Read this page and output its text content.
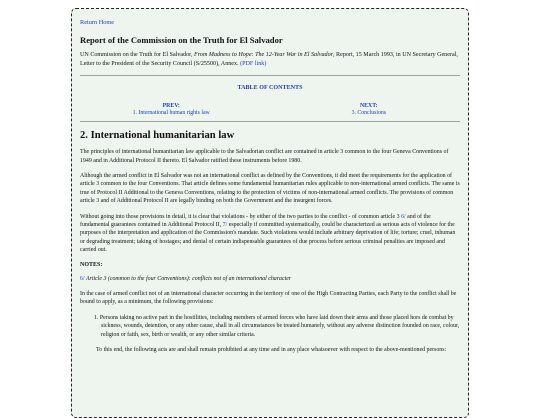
Return Home
Report of the Commission on the Truth for El Salvador
UN Commission on the Truth for El Salvador, From Madness to Hope: The 12-Year War in El Salvador, Report, 15 March 1993, in UN Secretary General, Letter to the President of the Security Council (S/25500), Annex. (PDF link)
TABLE OF CONTENTS
PREV:
1. International human rights law
NEXT:
3. Conclusions
2. International humanitarian law
The principles of international humanitarian law applicable to the Salvadorian conflict are contained in article 3 common to the four Geneva Conventions of 1949 and in Additional Protocol II thereto. El Salvador ratified these instruments before 1980.
Although the armed conflict in El Salvador was not an international conflict as defined by the Conventions, it did meet the requirements for the application of article 3 common to the four Conventions. That article defines some fundamental humanitarian rules applicable to non-international armed conflicts. The same is true of Protocol II Additional to the Geneva Conventions, relating to the protection of victims of non-international armed conflicts. The provisions of common article 3 and of Additional Protocol II are legally binding on both the Government and the insurgent forces.
Without going into those provisions in detail, it is clear that violations - by either of the two parties to the conflict - of common article 3 6/ and of the fundamental guarantees contained in Additional Protocol II, 7/ especially if committed systematically, could be characterized as serious acts of violence for the purposes of the interpretation and application of the Commission's mandate. Such violations would include arbitrary deprivation of life; torture; cruel, inhuman or degrading treatment; taking of hostages; and denial of certain indispensable guarantees of due process before serious criminal penalties are imposed and carried out.
NOTES:
6/ Article 3 (common to the four Conventions): conflicts not of an international character
In the case of armed conflict not of an international character occurring in the territory of one of the High Contracting Parties, each Party to the conflict shall be bound to apply, as a minimum, the following provisions:
1. Persons taking no active part in the hostilities, including members of armed forces who have laid down their arms and those placed hors de combat by sickness, wounds, detention, or any other cause, shall in all circumstances be treated humanely, without any adverse distinction founded on race, colour, religion or faith, sex, birth or wealth, or any other similar criteria.
To this end, the following acts are and shall remain prohibited at any time and in any place whatsoever with respect to the above-mentioned persons:
